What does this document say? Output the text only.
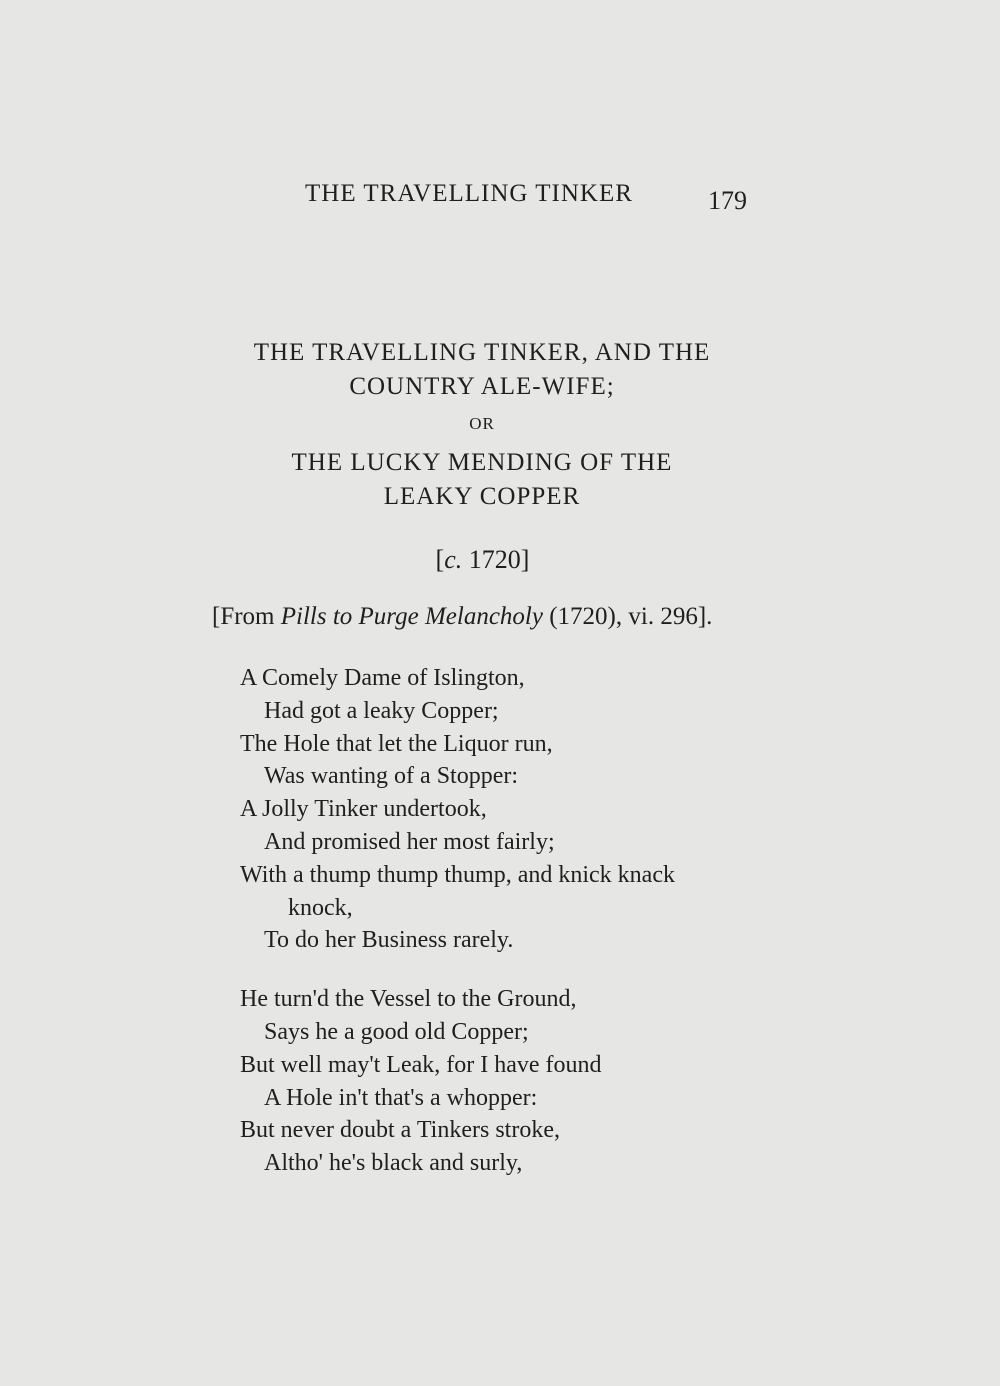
THE TRAVELLING TINKER	179
THE TRAVELLING TINKER, AND THE
COUNTRY ALE-WIFE;
OR
THE LUCKY MENDING OF THE
LEAKY COPPER
[c. 1720]
[From Pills to Purge Melancholy (1720), vi. 296].
A Comely Dame of Islington,
Had got a leaky Copper;
The Hole that let the Liquor run,
Was wanting of a Stopper:
A Jolly Tinker undertook,
And promised her most fairly;
With a thump thump thump, and knick knack
knock,
To do her Business rarely.
He turn'd the Vessel to the Ground,
Says he a good old Copper;
But well may't Leak, for I have found
A Hole in't that's a whopper:
But never doubt a Tinkers stroke,
Altho' he's black and surly,
